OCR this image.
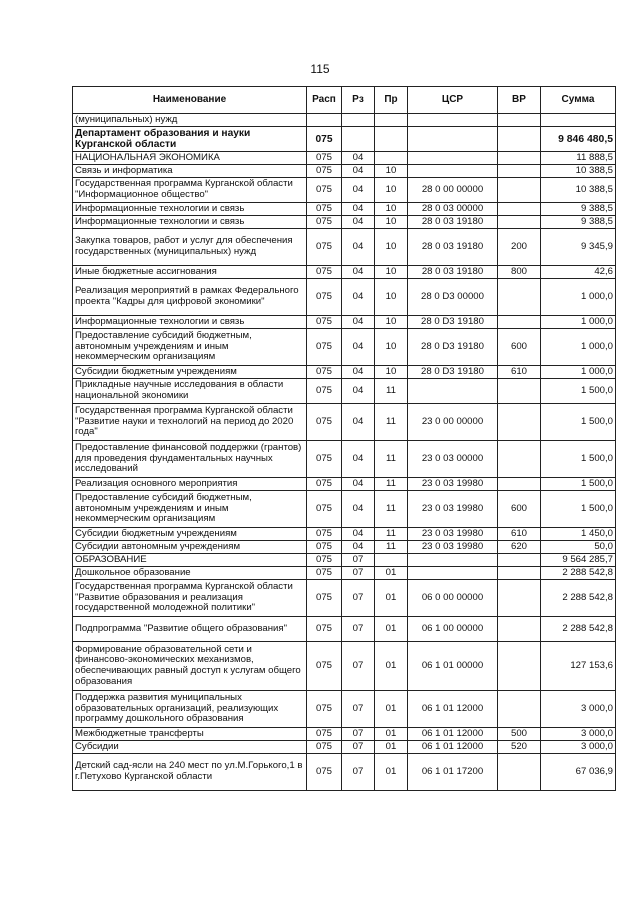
115
Наименование	Расп	Рз	Пр	ЦСР	ВР	Сумма
(муниципальных) нужд						
Департамент образования и науки Курганской области	075					9 846 480,5
НАЦИОНАЛЬНАЯ ЭКОНОМИКА	075	04				11 888,5
Связь и информатика	075	04	10			10 388,5
Государственная программа Курганской области "Информационное общество"	075	04	10	28 0 00 00000		10 388,5
Информационные технологии и связь	075	04	10	28 0 03 00000		9 388,5
Информационные технологии и связь	075	04	10	28 0 03 19180		9 388,5
Закупка товаров, работ и услуг для обеспечения государственных (муниципальных) нужд	075	04	10	28 0 03 19180	200	9 345,9
Иные бюджетные ассигнования	075	04	10	28 0 03 19180	800	42,6
Реализация мероприятий в рамках Федерального проекта "Кадры для цифровой экономики"	075	04	10	28 0 D3 00000		1 000,0
Информационные технологии и связь	075	04	10	28 0 D3 19180		1 000,0
Предоставление субсидий бюджетным, автономным учреждениям и иным некоммерческим организациям	075	04	10	28 0 D3 19180	600	1 000,0
Субсидии бюджетным учреждениям	075	04	10	28 0 D3 19180	610	1 000,0
Прикладные научные исследования в области национальной экономики	075	04	11			1 500,0
Государственная программа Курганской области "Развитие науки и технологий на период до 2020 года"	075	04	11	23 0 00 00000		1 500,0
Предоставление финансовой поддержки (грантов) для проведения фундаментальных научных исследований	075	04	11	23 0 03 00000		1 500,0
Реализация основного мероприятия	075	04	11	23 0 03 19980		1 500,0
Предоставление субсидий бюджетным, автономным учреждениям и иным некоммерческим организациям	075	04	11	23 0 03 19980	600	1 500,0
Субсидии бюджетным учреждениям	075	04	11	23 0 03 19980	610	1 450,0
Субсидии автономным учреждениям	075	04	11	23 0 03 19980	620	50,0
ОБРАЗОВАНИЕ	075	07				9 564 285,7
Дошкольное образование	075	07	01			2 288 542,8
Государственная программа Курганской области "Развитие образования и реализация государственной молодежной политики"	075	07	01	06 0 00 00000		2 288 542,8
Подпрограмма "Развитие общего образования"	075	07	01	06 1 00 00000		2 288 542,8
Формирование образовательной сети и финансово-экономических механизмов, обеспечивающих равный доступ к услугам общего образования	075	07	01	06 1 01 00000		127 153,6
Поддержка развития муниципальных образовательных организаций, реализующих программу дошкольного образования	075	07	01	06 1 01 12000		3 000,0
Межбюджетные трансферты	075	07	01	06 1 01 12000	500	3 000,0
Субсидии	075	07	01	06 1 01 12000	520	3 000,0
Детский сад-ясли на 240 мест по ул.М.Горького,1 в г.Петухово Курганской области	075	07	01	06 1 01 17200		67 036,9
